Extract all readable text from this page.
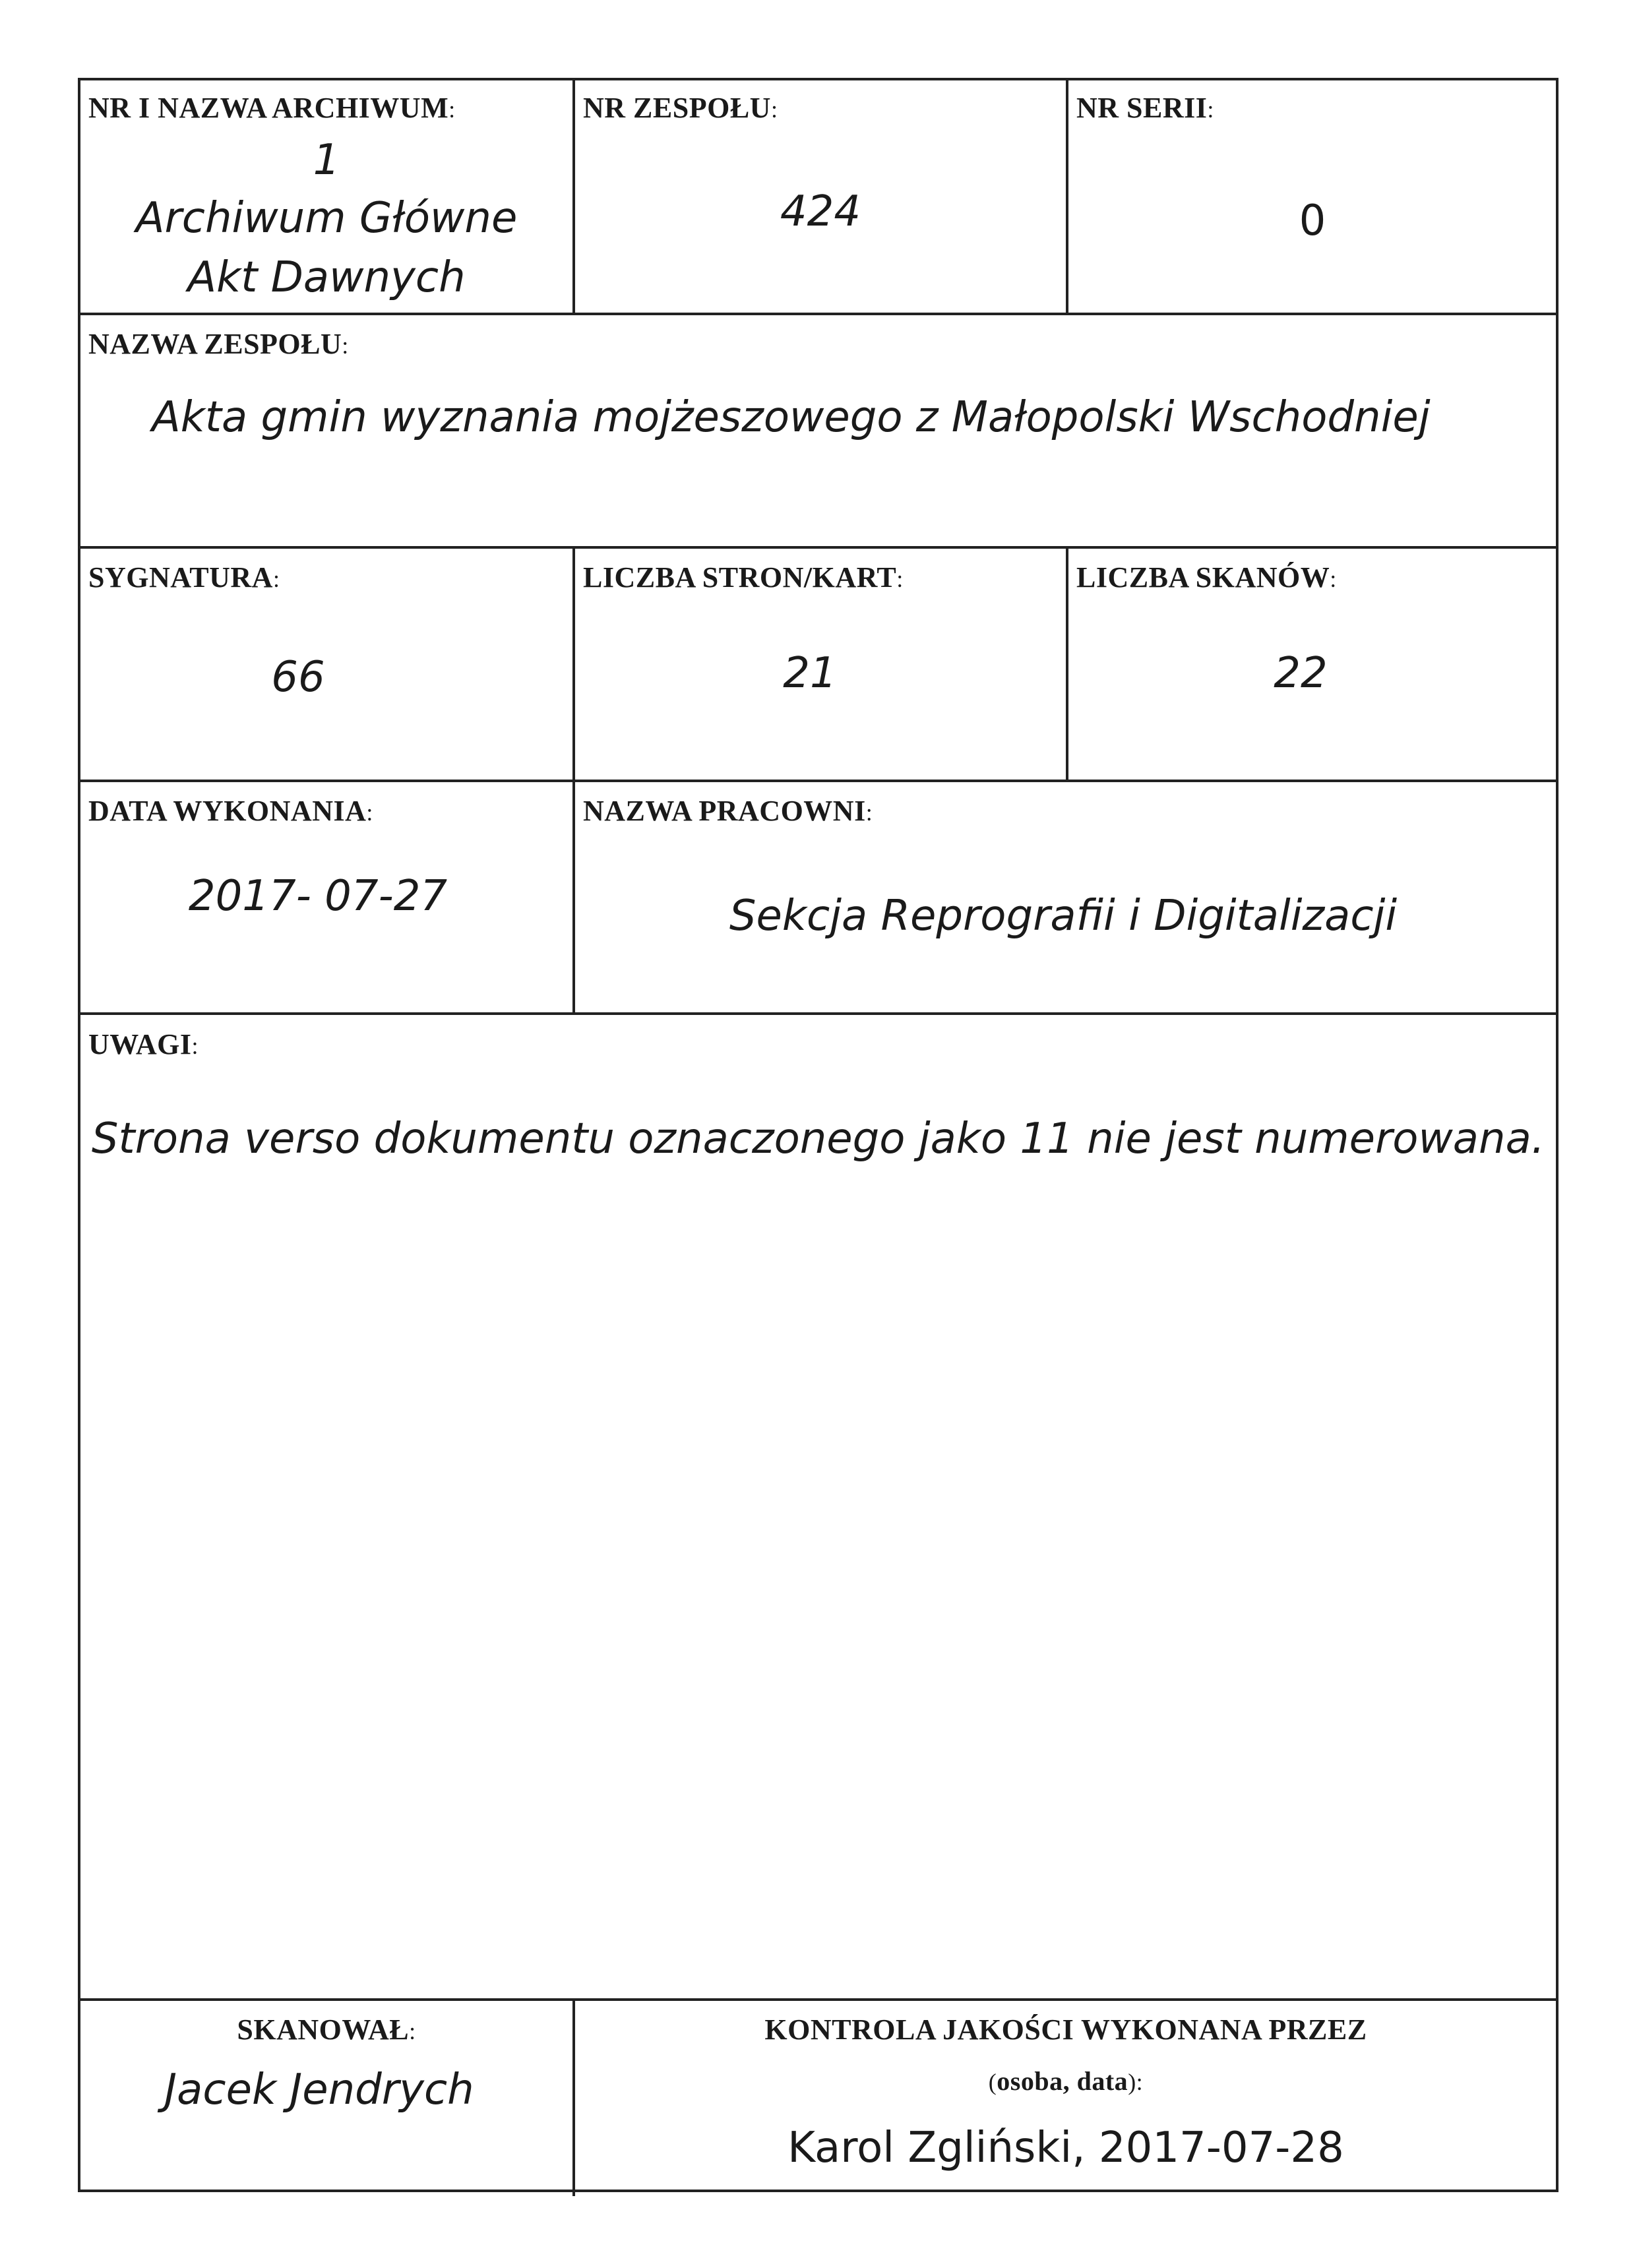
NR I NAZWA ARCHIWUM:
1
Archiwum Główne
Akt Dawnych
NR ZESPOŁU:
424
NR SERII:
0
NAZWA ZESPOŁU:
Akta gmin wyznania mojżeszowego z Małopolski Wschodniej
SYGNATURA:
66
LICZBA STRON/KART:
21
LICZBA SKANÓW:
22
DATA WYKONANIA:
2017- 07-27
NAZWA PRACOWNI:
Sekcja Reprografii i Digitalizacji
UWAGI:
Strona verso dokumentu oznaczonego jako 11 nie jest numerowana.
SKANOWAŁ:
Jacek Jendrych
KONTROLA JAKOŚCI WYKONANA PRZEZ
(osoba, data):
Karol Zgliński, 2017-07-28
